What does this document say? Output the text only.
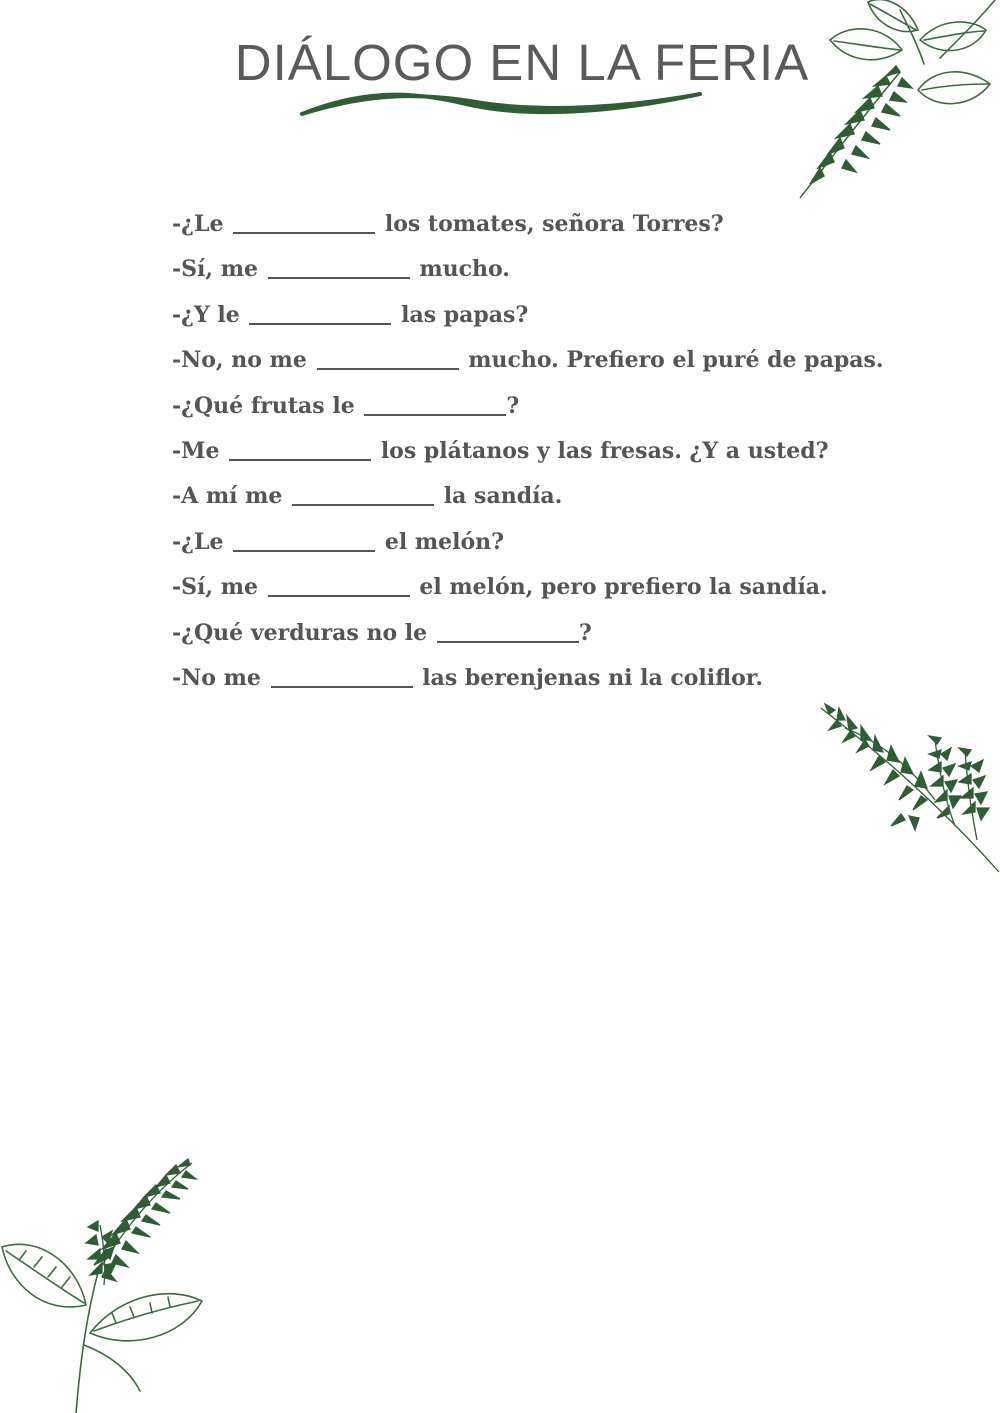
DIÁLOGO EN LA FERIA
-¿Le	los tomates, señora Torres?
-Sí, me	mucho.
-¿Y le	las papas?
-No, no me	mucho. Prefiero el puré de papas.
-¿Qué frutas le	?
-Me	los plátanos y las fresas. ¿Y a usted?
-A mí me	la sandía.
-¿Le	el melón?
-Sí, me	el melón, pero prefiero la sandía.
-¿Qué verduras no le	?
-No me	las berenjenas ni la coliflor.
